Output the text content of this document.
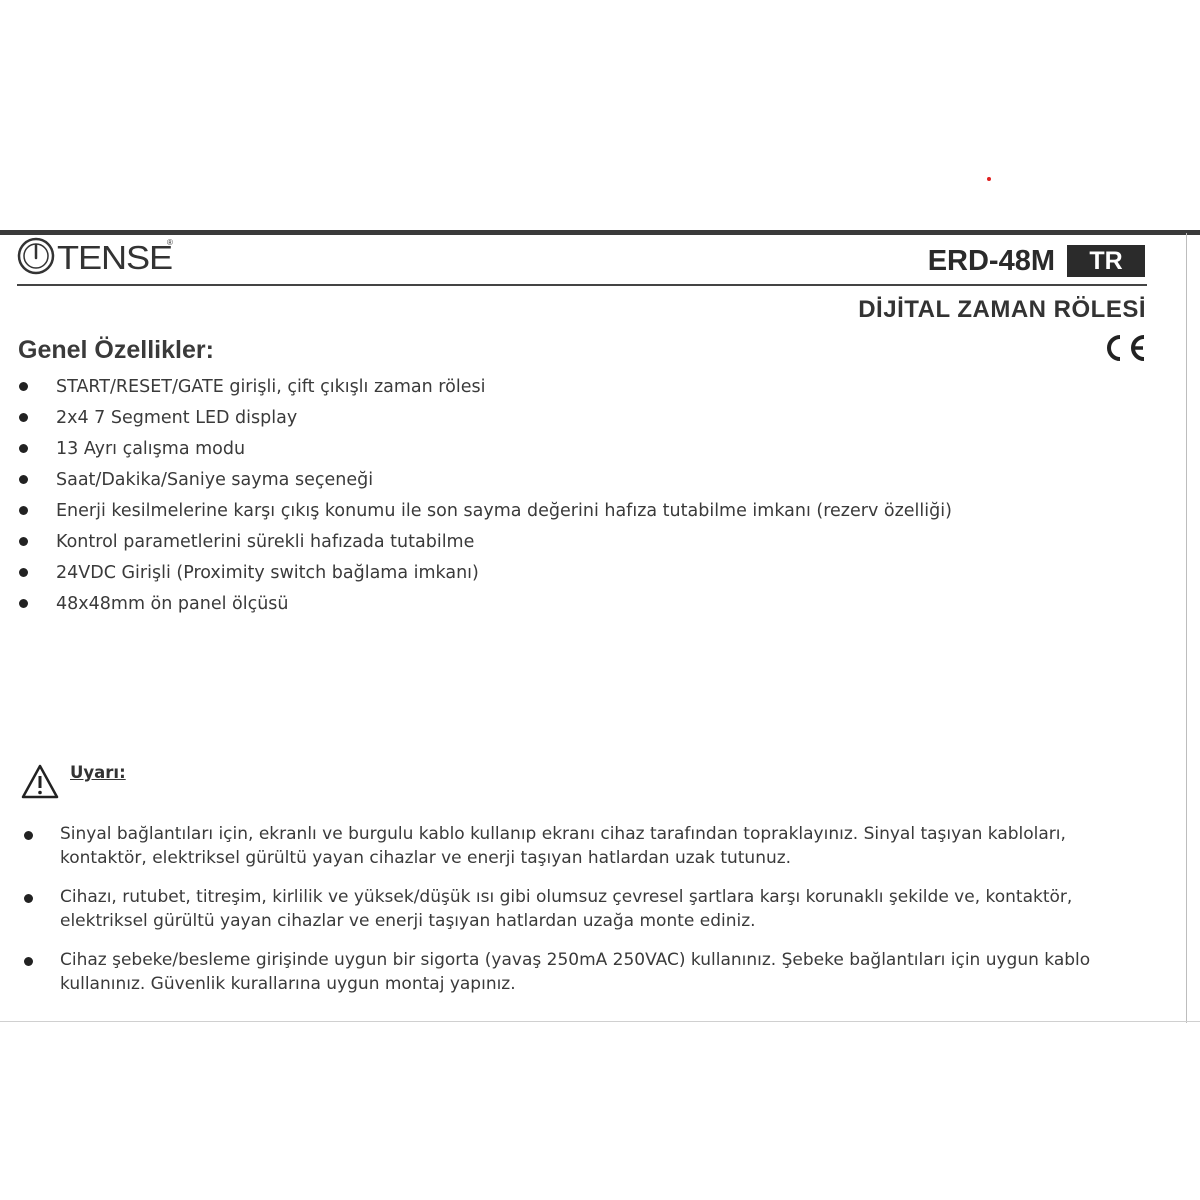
TENSE
®
ERD-48M	TR
DİJİTAL ZAMAN RÖLESİ
Genel Özellikler:
START/RESET/GATE girişli, çift çıkışlı zaman rölesi
2x4 7 Segment LED display
13 Ayrı çalışma modu
Saat/Dakika/Saniye sayma seçeneği
Enerji kesilmelerine karşı çıkış konumu ile son sayma değerini hafıza tutabilme imkanı (rezerv özelliği)
Kontrol parametlerini sürekli hafızada tutabilme
24VDC Girişli (Proximity switch bağlama imkanı)
48x48mm ön panel ölçüsü
Uyarı:
Sinyal bağlantıları için, ekranlı ve burgulu kablo kullanıp ekranı cihaz tarafından topraklayınız. Sinyal taşıyan kabloları,
kontaktör, elektriksel gürültü yayan cihazlar ve enerji taşıyan hatlardan uzak tutunuz.
Cihazı, rutubet, titreşim, kirlilik ve yüksek/düşük ısı gibi olumsuz çevresel şartlara karşı korunaklı şekilde ve, kontaktör,
elektriksel gürültü yayan cihazlar ve enerji taşıyan hatlardan uzağa monte ediniz.
Cihaz şebeke/besleme girişinde uygun bir sigorta (yavaş 250mA 250VAC) kullanınız. Şebeke bağlantıları için uygun kablo
kullanınız. Güvenlik kurallarına uygun montaj yapınız.
